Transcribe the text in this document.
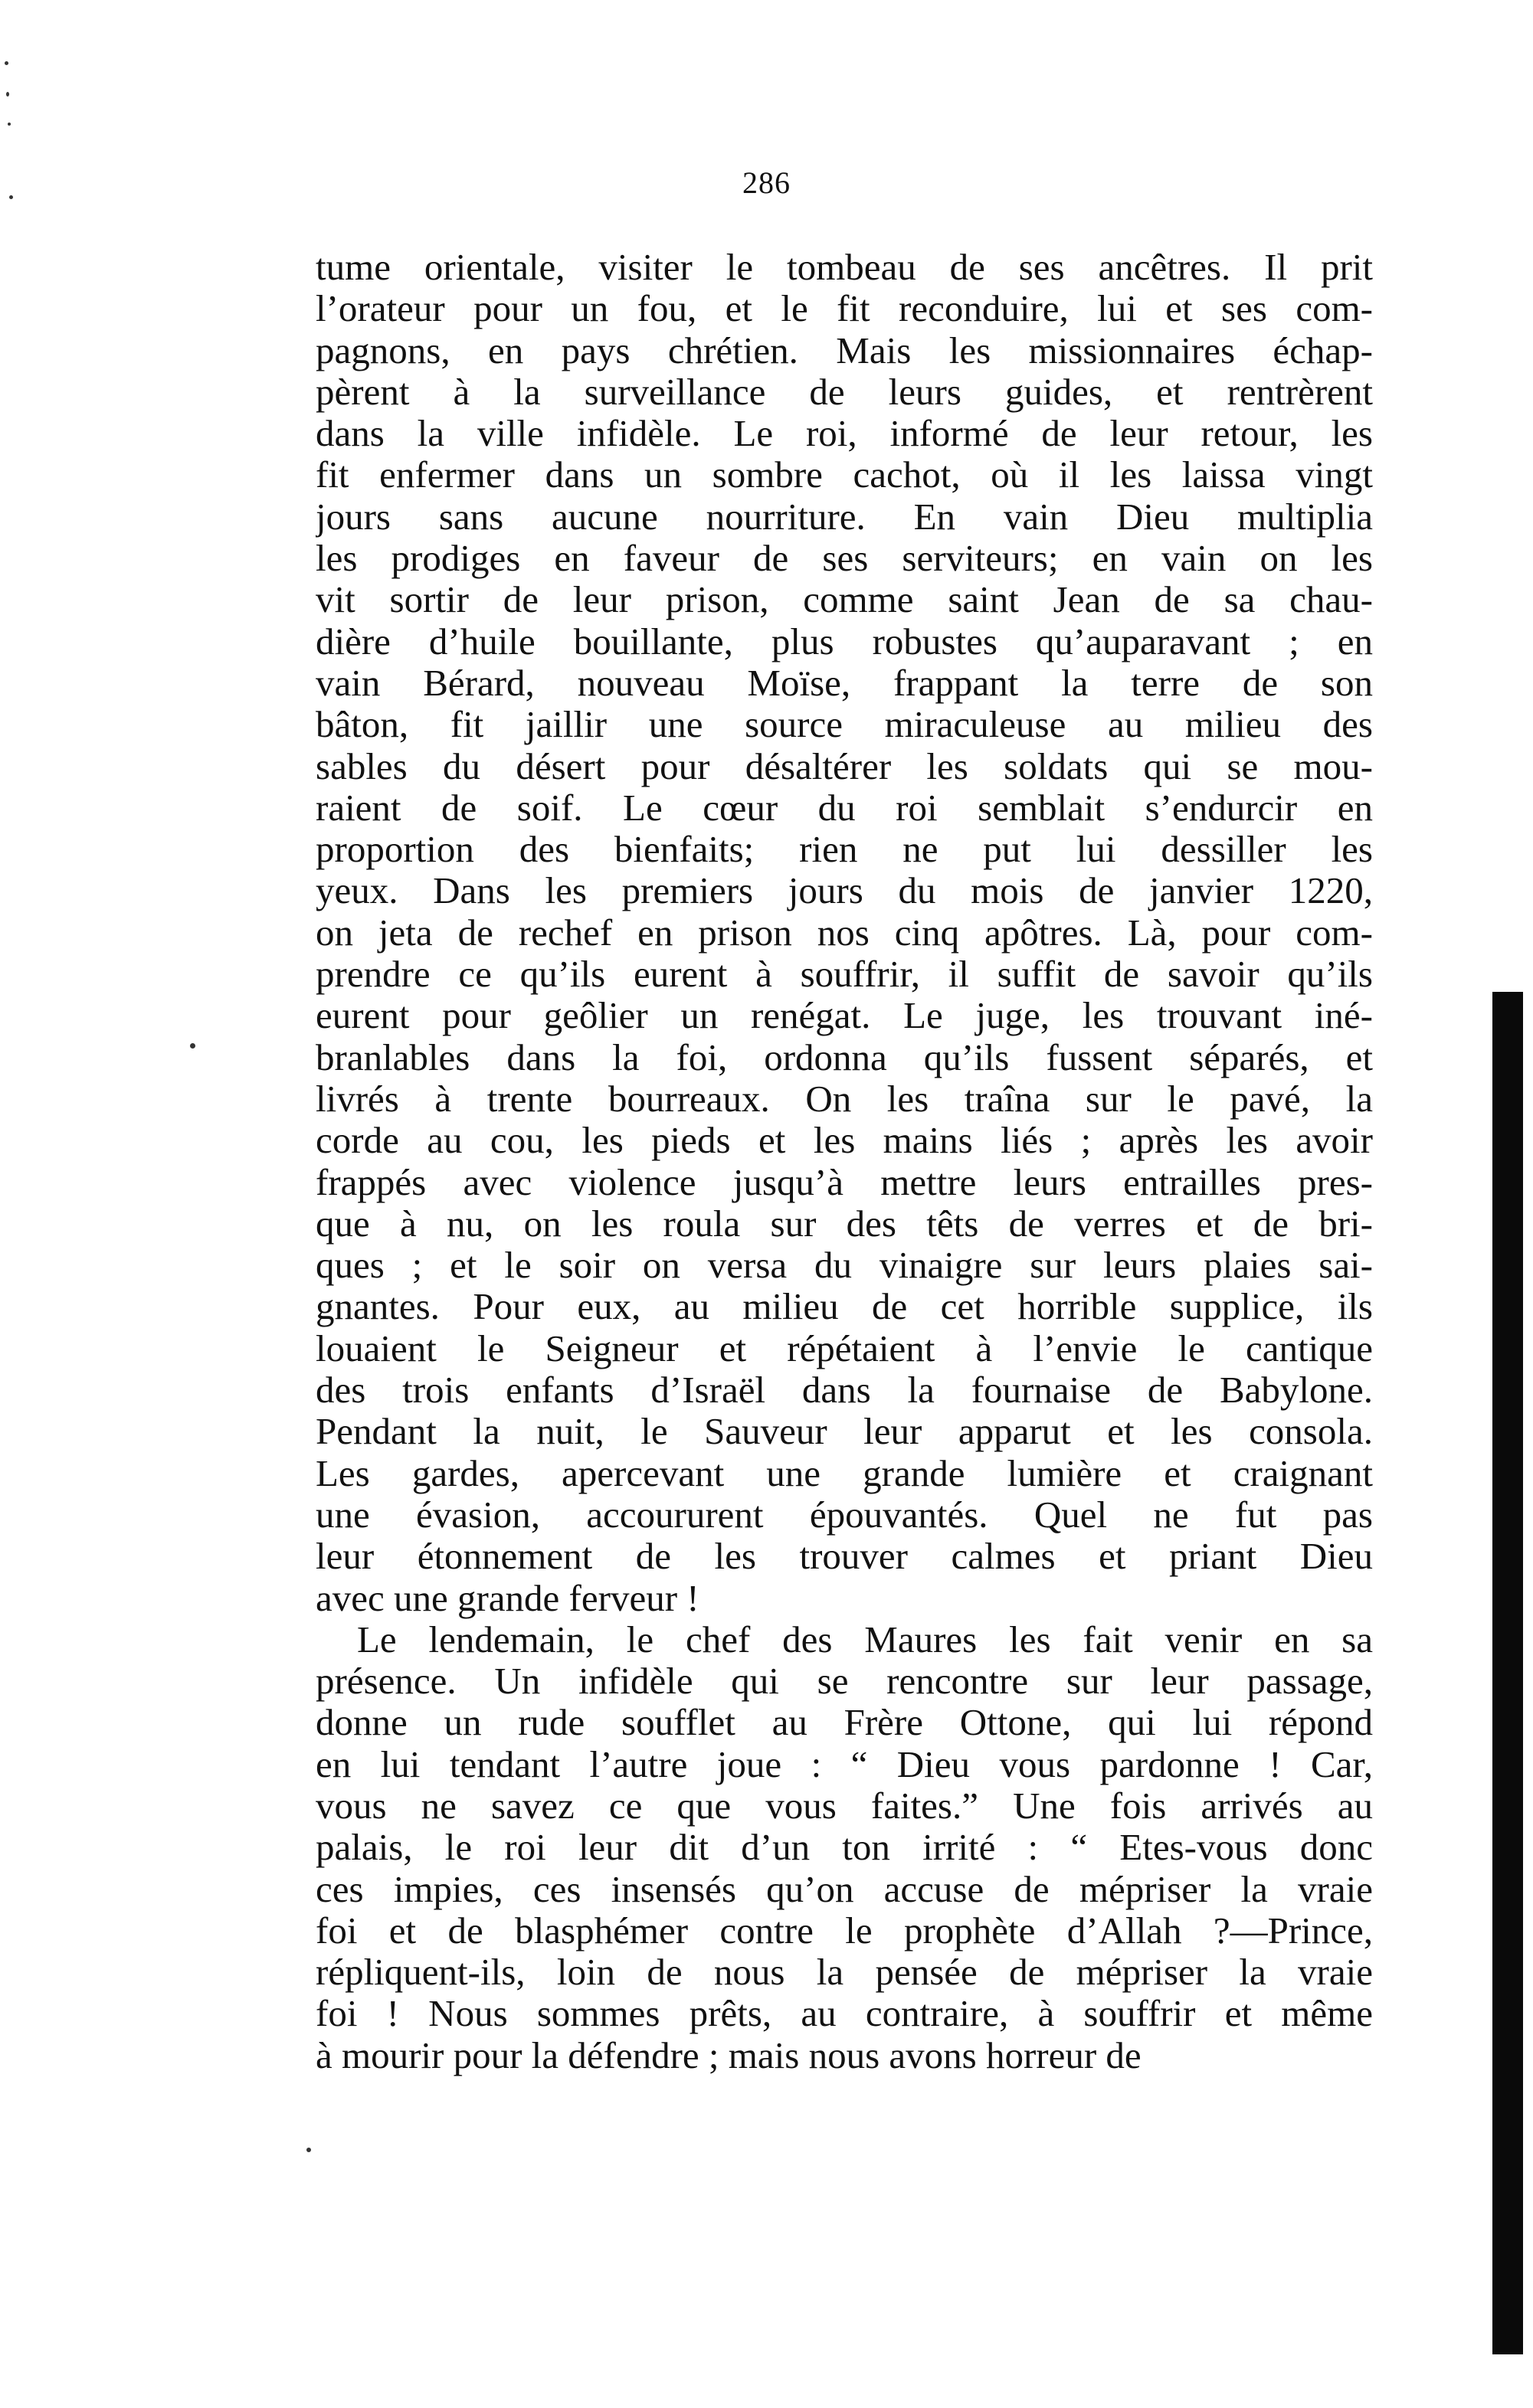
286
tume orientale, visiter le tombeau de ses ancêtres. Il prit
l’orateur pour un fou, et le fit reconduire, lui et ses com-
pagnons, en pays chrétien. Mais les missionnaires échap-
pèrent à la surveillance de leurs guides, et rentrèrent
dans la ville infidèle. Le roi, informé de leur retour, les
fit enfermer dans un sombre cachot, où il les laissa vingt
jours sans aucune nourriture. En vain Dieu multiplia
les prodiges en faveur de ses serviteurs; en vain on les
vit sortir de leur prison, comme saint Jean de sa chau-
dière d’huile bouillante, plus robustes qu’auparavant ; en
vain Bérard, nouveau Moïse, frappant la terre de son
bâton, fit jaillir une source miraculeuse au milieu des
sables du désert pour désaltérer les soldats qui se mou-
raient de soif. Le cœur du roi semblait s’endurcir en
proportion des bienfaits; rien ne put lui dessiller les
yeux. Dans les premiers jours du mois de janvier 1220,
on jeta de rechef en prison nos cinq apôtres. Là, pour com-
prendre ce qu’ils eurent à souffrir, il suffit de savoir qu’ils
eurent pour geôlier un renégat. Le juge, les trouvant iné-
branlables dans la foi, ordonna qu’ils fussent séparés, et
livrés à trente bourreaux. On les traîna sur le pavé, la
corde au cou, les pieds et les mains liés ; après les avoir
frappés avec violence jusqu’à mettre leurs entrailles pres-
que à nu, on les roula sur des têts de verres et de bri-
ques ; et le soir on versa du vinaigre sur leurs plaies sai-
gnantes. Pour eux, au milieu de cet horrible supplice, ils
louaient le Seigneur et répétaient à l’envie le cantique
des trois enfants d’Israël dans la fournaise de Babylone.
Pendant la nuit, le Sauveur leur apparut et les consola.
Les gardes, apercevant une grande lumière et craignant
une évasion, accoururent épouvantés. Quel ne fut pas
leur étonnement de les trouver calmes et priant Dieu
avec une grande ferveur !
Le lendemain, le chef des Maures les fait venir en sa
présence. Un infidèle qui se rencontre sur leur passage,
donne un rude soufflet au Frère Ottone, qui lui répond
en lui tendant l’autre joue : “ Dieu vous pardonne ! Car,
vous ne savez ce que vous faites.” Une fois arrivés au
palais, le roi leur dit d’un ton irrité : “ Etes-vous donc
ces impies, ces insensés qu’on accuse de mépriser la vraie
foi et de blasphémer contre le prophète d’Allah ?—Prince,
répliquent-ils, loin de nous la pensée de mépriser la vraie
foi ! Nous sommes prêts, au contraire, à souffrir et même
à mourir pour la défendre ; mais nous avons horreur de
